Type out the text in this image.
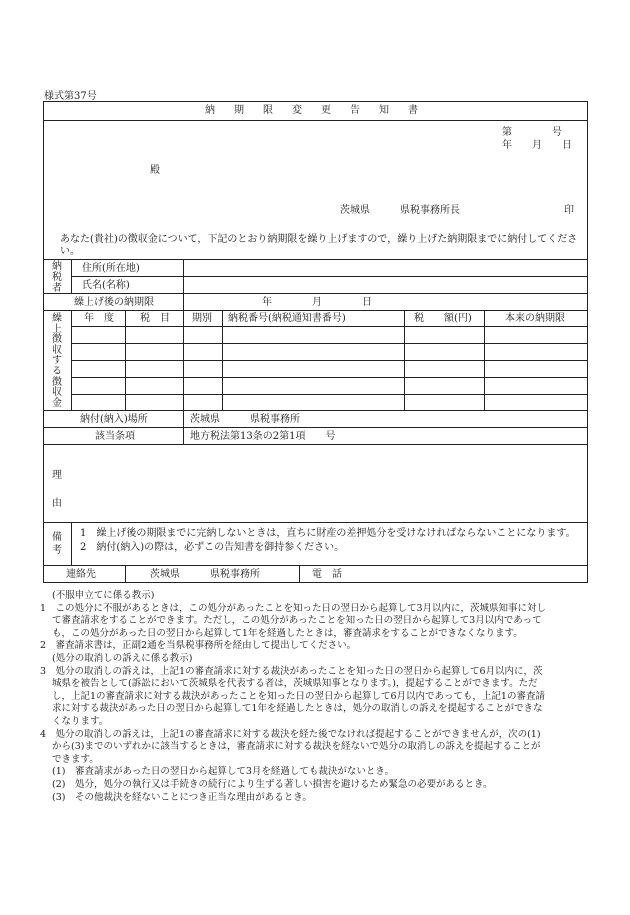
様式第37号
納期限変更告知書
第　　　　号
年　　月　　日
殿
茨城県　　　県税事務所長	印
あなた(貴社)の徴収金について，下記のとおり納期限を繰り上げますので，繰り上げた納期限までに納付してください。
納税者
住所(所在地)
氏名(名称)
繰上げ後の納期限	年　　　　月　　　　日
繰上徴収する徴収金
年　度	税　目 期別 納税番号(納税通知書番号)	税　　額(円)	本来の納期限
納付(納入)場所	茨城県　　　県税事務所
該当条項	地方税法第13条の2第1項　　号
理由
備考
1　繰上げ後の期限までに完納しないときは，直ちに財産の差押処分を受けなければならないことになります。
2　納付(納入)の際は，必ずこの告知書を御持参ください。
連絡先	茨城県　　　県税事務所	電　話
(不服申立てに係る教示)
1　この処分に不服があるときは，この処分があったことを知った日の翌日から起算して3月以内に，茨城県知事に対し
て審査請求をすることができます。ただし，この処分があったことを知った日の翌日から起算して3月以内であって
も，この処分があった日の翌日から起算して1年を経過したときは，審査請求をすることができなくなります。
2　審査請求書は，正副2通を当県税事務所を経由して提出してください。
(処分の取消しの訴えに係る教示)
3　処分の取消しの訴えは，上記1の審査請求に対する裁決があったことを知った日の翌日から起算して6月以内に，茨
城県を被告として(訴訟において茨城県を代表する者は，茨城県知事となります。)，提起することができます。ただ
し，上記1の審査請求に対する裁決があったことを知った日の翌日から起算して6月以内であっても，上記1の審査請
求に対する裁決があった日の翌日から起算して1年を経過したときは，処分の取消しの訴えを提起することができな
くなります。
4　処分の取消しの訴えは，上記1の審査請求に対する裁決を経た後でなければ提起することができませんが，次の(1)
から(3)までのいずれかに該当するときは，審査請求に対する裁決を経ないで処分の取消しの訴えを提起することが
できます。
(1)　審査請求があった日の翌日から起算して3月を経過しても裁決がないとき。
(2)　処分，処分の執行又は手続きの続行により生ずる著しい損害を避けるため緊急の必要があるとき。
(3)　その他裁決を経ないことにつき正当な理由があるとき。
